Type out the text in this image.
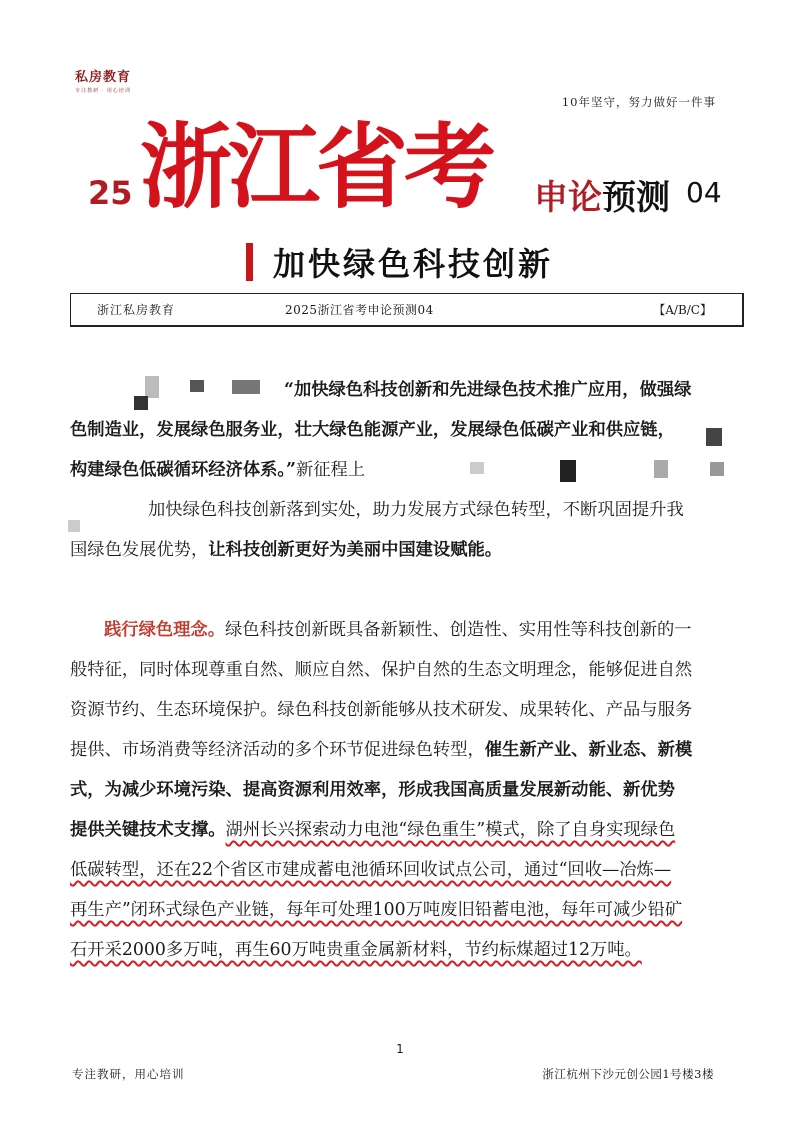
私房教育
专注教研 · 用心培训
10年坚守，努力做好一件事
25 浙江省考 申论预测 04
加快绿色科技创新
浙江私房教育	2025浙江省考申论预测04	【A/B/C】
“加快绿色科技创新和先进绿色技术推广应用，做强绿
色制造业，发展绿色服务业，壮大绿色能源产业，发展绿色低碳产业和供应链，
构建绿色低碳循环经济体系。”新征程上
加快绿色科技创新落到实处，助力发展方式绿色转型，不断巩固提升我
国绿色发展优势，让科技创新更好为美丽中国建设赋能。
践行绿色理念。绿色科技创新既具备新颖性、创造性、实用性等科技创新的一
般特征，同时体现尊重自然、顺应自然、保护自然的生态文明理念，能够促进自然
资源节约、生态环境保护。绿色科技创新能够从技术研发、成果转化、产品与服务
提供、市场消费等经济活动的多个环节促进绿色转型，催生新产业、新业态、新模
式，为减少环境污染、提高资源利用效率，形成我国高质量发展新动能、新优势
提供关键技术支撑。湖州长兴探索动力电池“绿色重生”模式，除了自身实现绿色
低碳转型，还在22个省区市建成蓄电池循环回收试点公司，通过“回收—冶炼—
再生产”闭环式绿色产业链，每年可处理100万吨废旧铅蓄电池，每年可减少铅矿
石开采2000多万吨，再生60万吨贵重金属新材料，节约标煤超过12万吨。
1
专注教研，用心培训	浙江杭州下沙元创公园1号楼3楼
